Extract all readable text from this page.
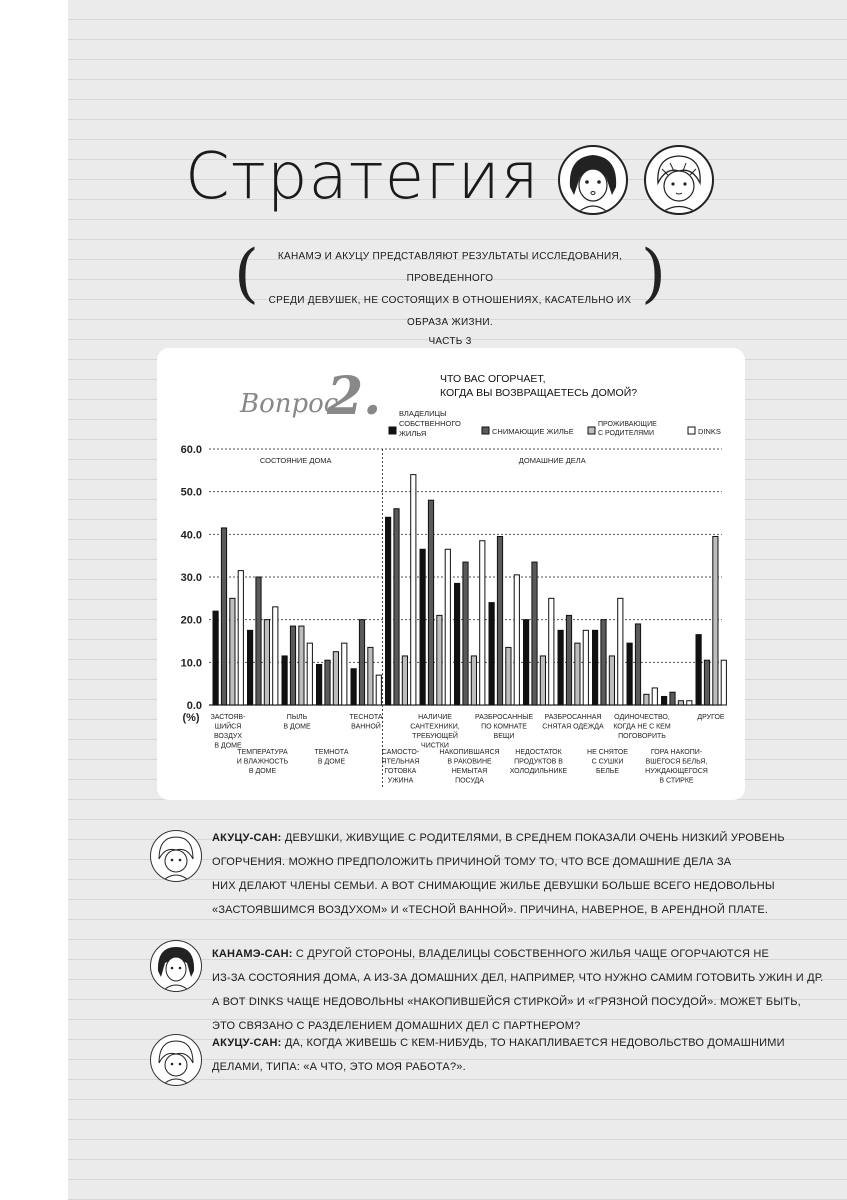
Стратегия
(	КАНАМЭ И АКУЦУ ПРЕДСТАВЛЯЮТ РЕЗУЛЬТАТЫ ИССЛЕДОВАНИЯ, ПРОВЕДЕННОГО
СРЕДИ ДЕВУШЕК, НЕ СОСТОЯЩИХ В ОТНОШЕНИЯХ, КАСАТЕЛЬНО ИХ ОБРАЗА ЖИЗНИ.
ЧАСТЬ 3
)
Вопрос
2.	ЧТО ВАС ОГОРЧАЕТ,
КОГДА ВЫ ВОЗВРАЩАЕТЕСЬ ДОМОЙ?
0.0
10.0
20.0
30.0
40.0
50.0
60.0
(%)
СОСТОЯНИЕ ДОМА	ДОМАШНИЕ ДЕЛА
ЗАСТОЯВ-
ШИЙСЯ
ВОЗДУХ
В ДОМЕ
ТЕМПЕРАТУРА
И ВЛАЖНОСТЬ
В ДОМЕ
ПЫЛЬ
В ДОМЕ
ТЕМНОТА
В ДОМЕ
ТЕСНОТА
ВАННОЙ
САМОСТО-
ЯТЕЛЬНАЯ
ГОТОВКА
УЖИНА
НАЛИЧИЕ
САНТЕХНИКИ,
ТРЕБУЮЩЕЙ
ЧИСТКИ
НАКОПИВШАЯСЯ
В РАКОВИНЕ
НЕМЫТАЯ
ПОСУДА
РАЗБРОСАННЫЕ
ПО КОМНАТЕ
ВЕЩИ
НЕДОСТАТОК
ПРОДУКТОВ В
ХОЛОДИЛЬНИКЕ
РАЗБРОСАННАЯ
СНЯТАЯ ОДЕЖДА
НЕ СНЯТОЕ
С СУШКИ
БЕЛЬЕ
ОДИНОЧЕСТВО,
КОГДА НЕ С КЕМ
ПОГОВОРИТЬ
ГОРА НАКОПИ-
ВШЕГОСЯ БЕЛЬЯ,
НУЖДАЮЩЕГОСЯ
В СТИРКЕ
ДРУГОЕ
ВЛАДЕЛИЦЫ
СОБСТВЕННОГО
ЖИЛЬЯ	СНИМАЮЩИЕ ЖИЛЬЕ
ПРОЖИВАЮЩИЕ
С РОДИТЕЛЯМИ	DINKS
АКУЦУ-САН: ДЕВУШКИ, ЖИВУЩИЕ С РОДИТЕЛЯМИ, В СРЕДНЕМ ПОКАЗАЛИ ОЧЕНЬ НИЗКИЙ УРОВЕНЬ
ОГОРЧЕНИЯ. МОЖНО ПРЕДПОЛОЖИТЬ ПРИЧИНОЙ ТОМУ ТО, ЧТО ВСЕ ДОМАШНИЕ ДЕЛА ЗА
НИХ ДЕЛАЮТ ЧЛЕНЫ СЕМЬИ. А ВОТ СНИМАЮЩИЕ ЖИЛЬЕ ДЕВУШКИ БОЛЬШЕ ВСЕГО НЕДОВОЛЬНЫ
«ЗАСТОЯВШИМСЯ ВОЗДУХОМ» И «ТЕСНОЙ ВАННОЙ». ПРИЧИНА, НАВЕРНОЕ, В АРЕНДНОЙ ПЛАТЕ.
КАНАМЭ-САН: С ДРУГОЙ СТОРОНЫ, ВЛАДЕЛИЦЫ СОБСТВЕННОГО ЖИЛЬЯ ЧАЩЕ ОГОРЧАЮТСЯ НЕ
ИЗ-ЗА СОСТОЯНИЯ ДОМА, А ИЗ-ЗА ДОМАШНИХ ДЕЛ, НАПРИМЕР, ЧТО НУЖНО САМИМ ГОТОВИТЬ УЖИН И ДР.
А ВОТ DINKS ЧАЩЕ НЕДОВОЛЬНЫ «НАКОПИВШЕЙСЯ СТИРКОЙ» И «ГРЯЗНОЙ ПОСУДОЙ». МОЖЕТ БЫТЬ,
ЭТО СВЯЗАНО С РАЗДЕЛЕНИЕМ ДОМАШНИХ ДЕЛ С ПАРТНЕРОМ?
АКУЦУ-САН: ДА, КОГДА ЖИВЕШЬ С КЕМ-НИБУДЬ, ТО НАКАПЛИВАЕТСЯ НЕДОВОЛЬСТВО ДОМАШНИМИ
ДЕЛАМИ, ТИПА: «А ЧТО, ЭТО МОЯ РАБОТА?».
